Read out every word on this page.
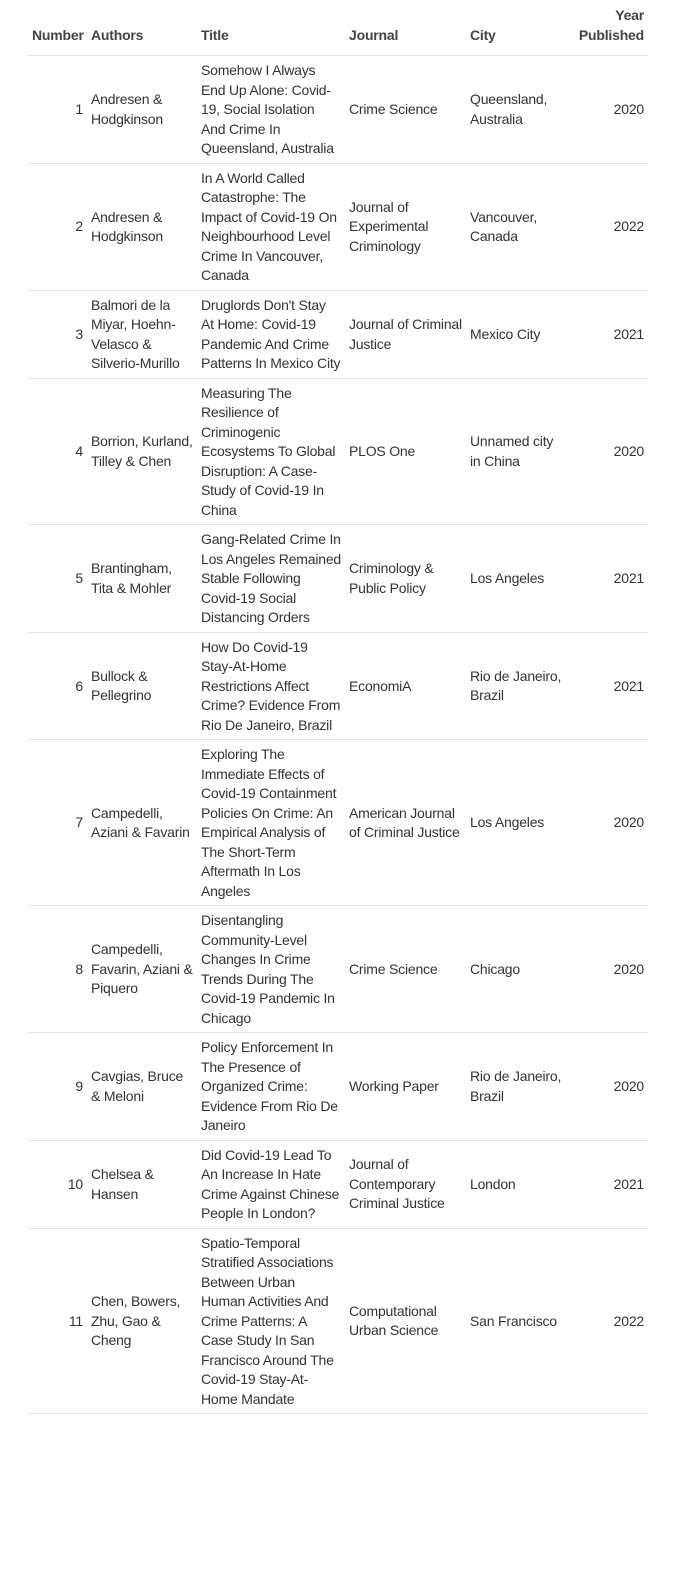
Number	Authors	Title	Journal	City	Year
Published
1	Andresen & Hodgkinson	Somehow I Always End Up Alone: Covid-19, Social Isolation And Crime In Queensland, Australia	Crime Science	Queensland, Australia	2020
2	Andresen & Hodgkinson	In A World Called Catastrophe: The Impact of Covid-19 On Neighbourhood Level Crime In Vancouver, Canada	Journal of Experimental Criminology	Vancouver, Canada	2022
3	Balmori de la Miyar, Hoehn-Velasco & Silverio-Murillo	Druglords Don't Stay At Home: Covid-19 Pandemic And Crime Patterns In Mexico City	Journal of Criminal Justice	Mexico City	2021
4	Borrion, Kurland, Tilley & Chen	Measuring The Resilience of Criminogenic Ecosystems To Global Disruption: A Case-Study of Covid-19 In China	PLOS One	Unnamed city in China	2020
5	Brantingham, Tita & Mohler	Gang-Related Crime In Los Angeles Remained Stable Following Covid-19 Social Distancing Orders	Criminology & Public Policy	Los Angeles	2021
6	Bullock & Pellegrino	How Do Covid-19 Stay-At-Home Restrictions Affect Crime? Evidence From Rio De Janeiro, Brazil	EconomiA	Rio de Janeiro, Brazil	2021
7	Campedelli, Aziani & Favarin	Exploring The Immediate Effects of Covid-19 Containment Policies On Crime: An Empirical Analysis of The Short-Term Aftermath In Los Angeles	American Journal of Criminal Justice	Los Angeles	2020
8	Campedelli, Favarin, Aziani & Piquero	Disentangling Community-Level Changes In Crime Trends During The Covid-19 Pandemic In Chicago	Crime Science	Chicago	2020
9	Cavgias, Bruce & Meloni	Policy Enforcement In The Presence of Organized Crime: Evidence From Rio De Janeiro	Working Paper	Rio de Janeiro, Brazil	2020
10	Chelsea & Hansen	Did Covid-19 Lead To An Increase In Hate Crime Against Chinese People In London?	Journal of Contemporary Criminal Justice	London	2021
11	Chen, Bowers, Zhu, Gao & Cheng	Spatio-Temporal Stratified Associations Between Urban Human Activities And Crime Patterns: A Case Study In San Francisco Around The Covid-19 Stay-At-Home Mandate	Computational Urban Science	San Francisco	2022
